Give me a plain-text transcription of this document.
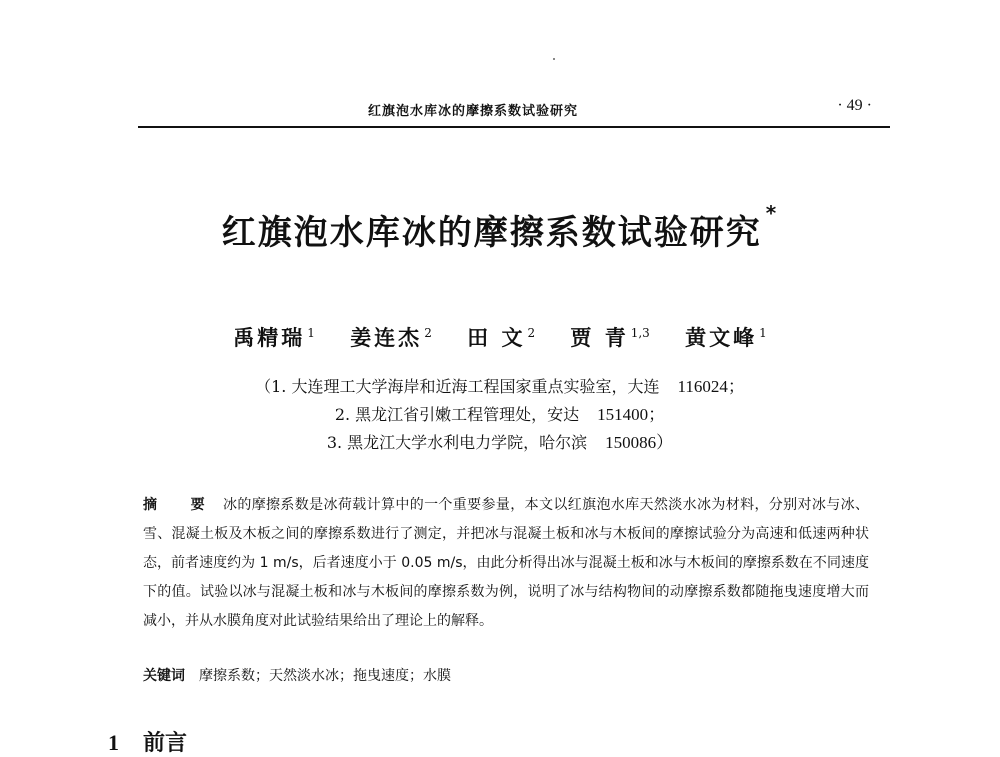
红旗泡水库冰的摩擦系数试验研究	· 49 ·
红旗泡水库冰的摩擦系数试验研究 *
禹精瑞 $^1$ 姜连杰 $^2$ 田 文 $^2$ 贾 青 $^{1,3}$ 黄文峰 $^1$
（1. 大连理工大学海岸和近海工程国家重点实验室，大连 116024；
2. 黑龙江省引嫩工程管理处，安达 151400；
3. 黑龙江大学水利电力学院，哈尔滨 150086）
摘 要 冰的摩擦系数是冰荷载计算中的一个重要参量，本文以红旗泡水库天然淡水冰为材料，分别对冰与冰、雪、混凝土板及木板之间的摩擦系数进行了测定，并把冰与混凝土板和冰与木板间的摩擦试验分为高速和低速两种状态，前者速度约为 1 m/s，后者速度小于 0.05 m/s，由此分析得出冰与混凝土板和冰与木板间的摩擦系数在不同速度下的值。试验以冰与混凝土板和冰与木板间的摩擦系数为例，说明了冰与结构物间的动摩擦系数都随拖曳速度增大而减小，并从水膜角度对此试验结果给出了理论上的解释。
关键词 摩擦系数；天然淡水冰；拖曳速度；水膜
1 前言
